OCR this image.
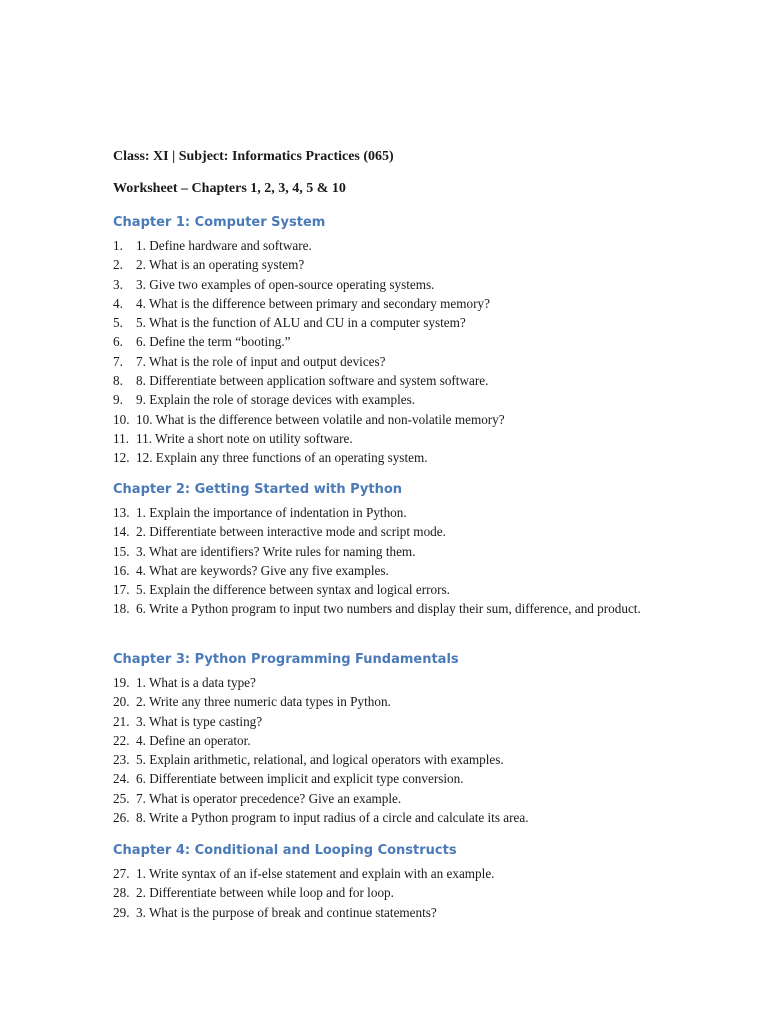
Class: XI | Subject: Informatics Practices (065)
Worksheet – Chapters 1, 2, 3, 4, 5 & 10
Chapter 1: Computer System
1. 1. Define hardware and software.
2. 2. What is an operating system?
3. 3. Give two examples of open-source operating systems.
4. 4. What is the difference between primary and secondary memory?
5. 5. What is the function of ALU and CU in a computer system?
6. 6. Define the term “booting.”
7. 7. What is the role of input and output devices?
8. 8. Differentiate between application software and system software.
9. 9. Explain the role of storage devices with examples.
10. 10. What is the difference between volatile and non-volatile memory?
11. 11. Write a short note on utility software.
12. 12. Explain any three functions of an operating system.
Chapter 2: Getting Started with Python
13. 1. Explain the importance of indentation in Python.
14. 2. Differentiate between interactive mode and script mode.
15. 3. What are identifiers? Write rules for naming them.
16. 4. What are keywords? Give any five examples.
17. 5. Explain the difference between syntax and logical errors.
18. 6. Write a Python program to input two numbers and display their sum, difference, and product.
Chapter 3: Python Programming Fundamentals
19. 1. What is a data type?
20. 2. Write any three numeric data types in Python.
21. 3. What is type casting?
22. 4. Define an operator.
23. 5. Explain arithmetic, relational, and logical operators with examples.
24. 6. Differentiate between implicit and explicit type conversion.
25. 7. What is operator precedence? Give an example.
26. 8. Write a Python program to input radius of a circle and calculate its area.
Chapter 4: Conditional and Looping Constructs
27. 1. Write syntax of an if-else statement and explain with an example.
28. 2. Differentiate between while loop and for loop.
29. 3. What is the purpose of break and continue statements?
